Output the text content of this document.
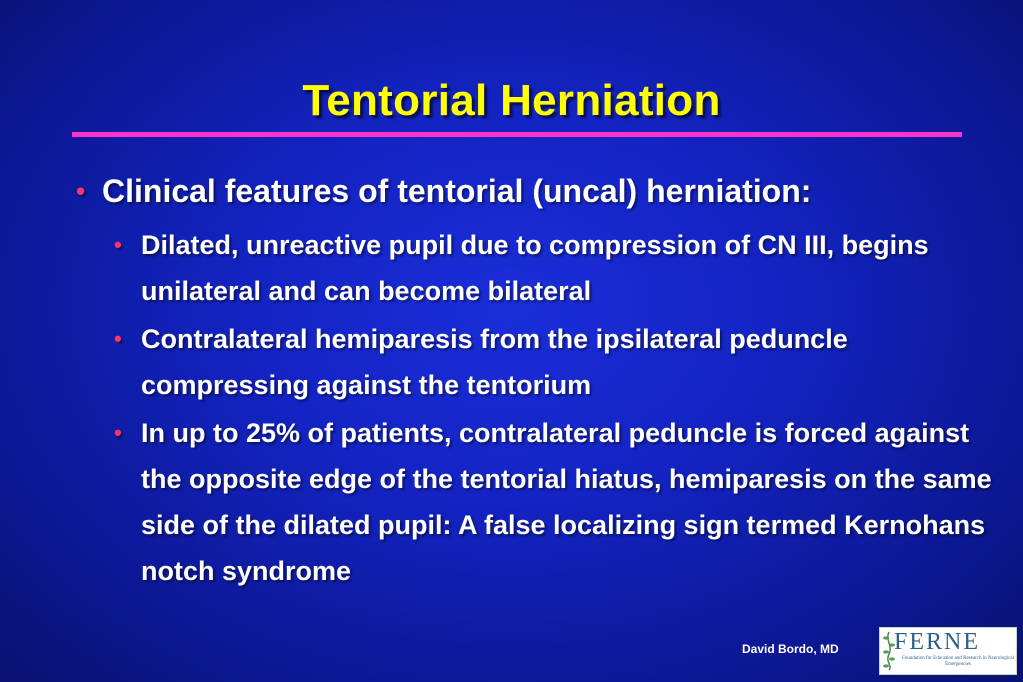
Tentorial Herniation
• Clinical features of tentorial (uncal) herniation:
• Dilated, unreactive pupil due to compression of CN III, begins unilateral and can become bilateral
• Contralateral hemiparesis from the ipsilateral peduncle compressing against the tentorium
• In up to 25% of patients, contralateral peduncle is forced against the opposite edge of the tentorial hiatus, hemiparesis on the same side of the dilated pupil: A false localizing sign termed Kernohans notch syndrome
David Bordo, MD FERNE
Foundation for Education and Research in Neurological Emergencies
